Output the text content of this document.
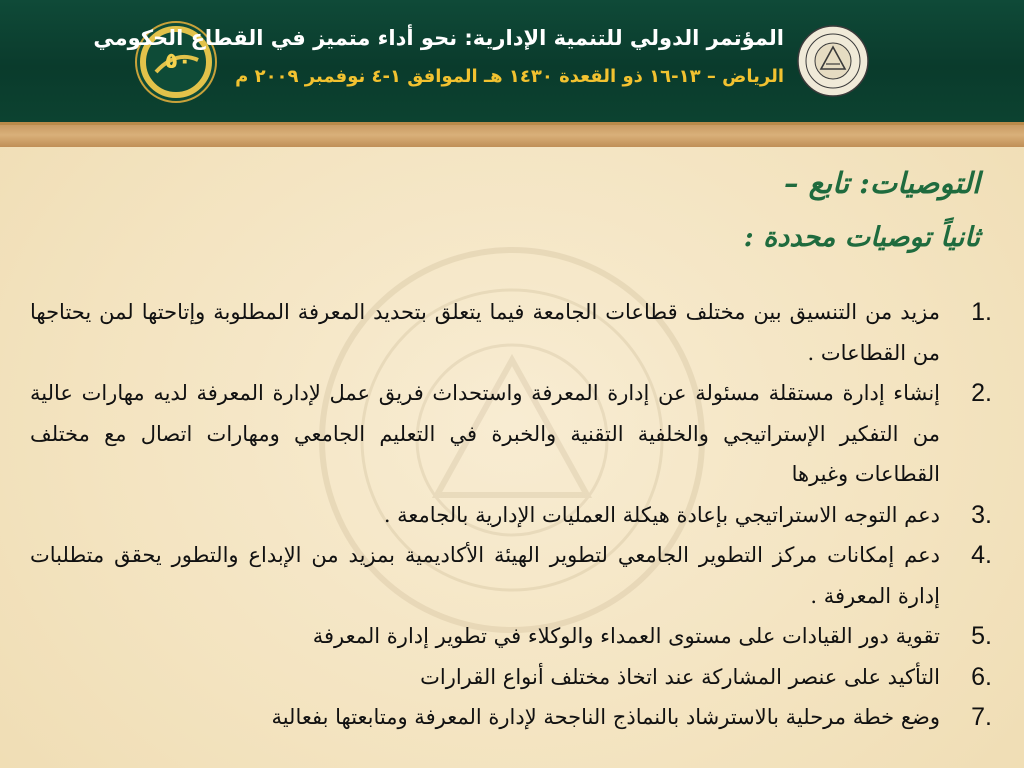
٥٠
المؤتمر الدولي للتنمية الإدارية: نحو أداء متميز في القطاع الحكومي
الرياض – ١٣-١٦ ذو القعدة ١٤٣٠ هـ الموافق ١-٤ نوفمبر ٢٠٠٩ م
التوصيات: تابع –
ثانياً توصيات محددة :
1.
مزيد من التنسيق بين مختلف قطاعات الجامعة فيما يتعلق بتحديد المعرفة المطلوبة وإتاحتها لمن يحتاجها من القطاعات .
2.
إنشاء إدارة مستقلة مسئولة عن إدارة المعرفة واستحداث فريق عمل لإدارة المعرفة لديه مهارات عالية من التفكير الإستراتيجي والخلفية التقنية والخبرة في التعليم الجامعي ومهارات اتصال مع مختلف القطاعات وغيرها
3.
دعم التوجه الاستراتيجي بإعادة هيكلة العمليات الإدارية بالجامعة .
4.
دعم إمكانات مركز التطوير الجامعي لتطوير الهيئة الأكاديمية بمزيد من الإبداع والتطور يحقق متطلبات إدارة المعرفة .
5.
تقوية دور القيادات على مستوى العمداء والوكلاء في تطوير إدارة المعرفة
6.
التأكيد على عنصر المشاركة عند اتخاذ مختلف أنواع القرارات
7.
وضع خطة مرحلية بالاسترشاد بالنماذج الناجحة لإدارة المعرفة ومتابعتها بفعالية
